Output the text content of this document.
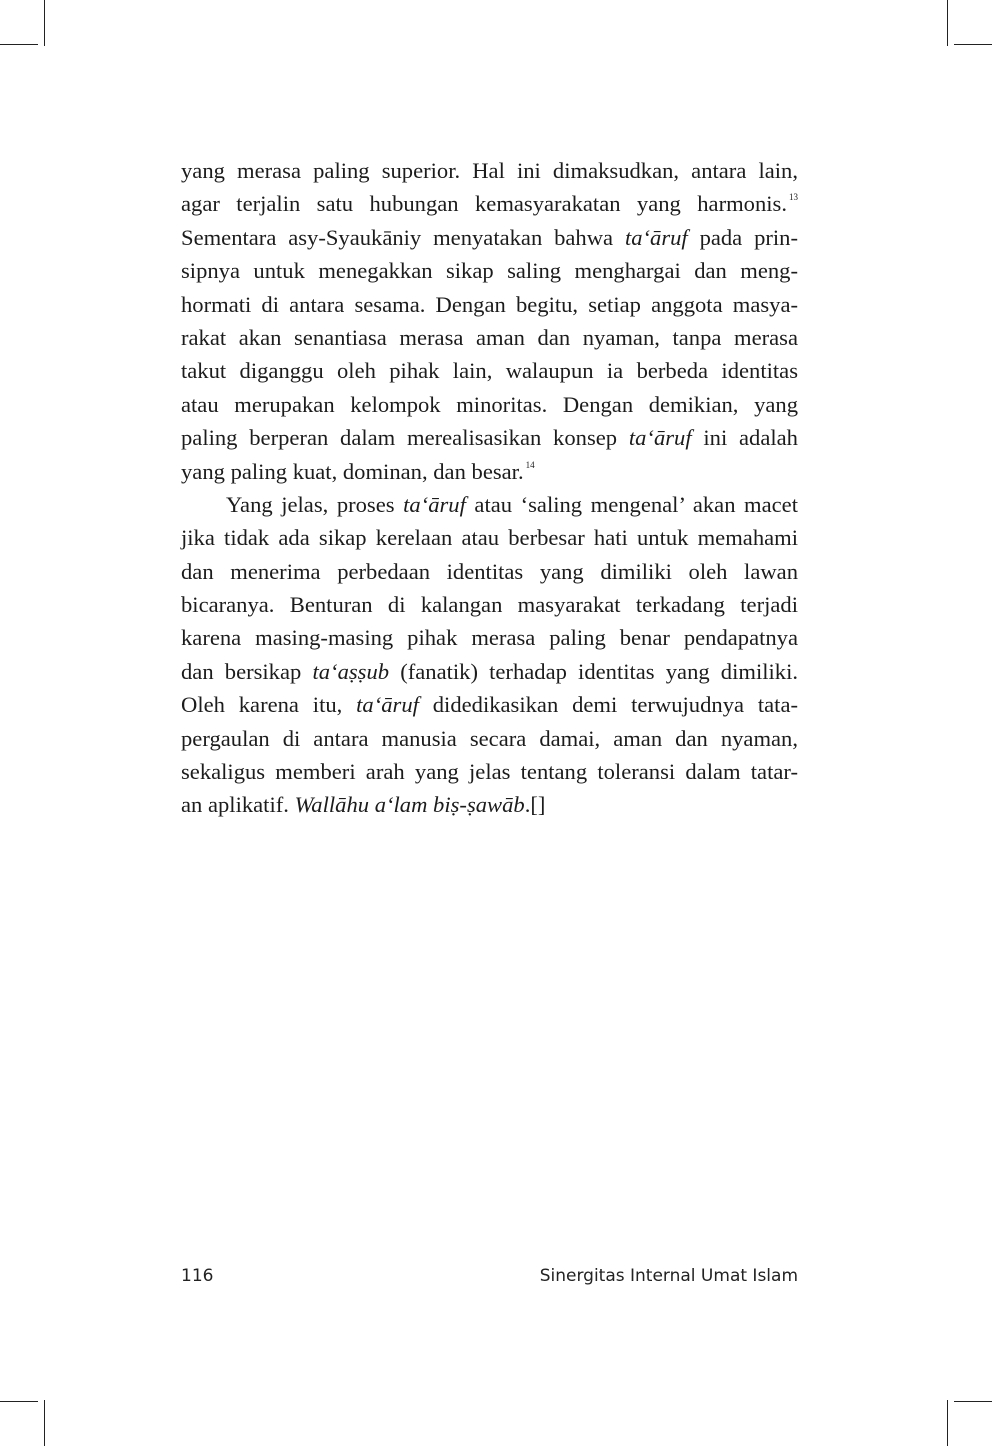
yang merasa paling superior. Hal ini dimaksudkan, antara lain,
agar terjalin satu hubungan kemasyarakatan yang harmonis. $^{13}$
Sementara asy-Syaukāniy menyatakan bahwa ta‘āruf pada prin-
sipnya untuk menegakkan sikap saling menghargai dan meng-
hormati di antara sesama. Dengan begitu, setiap anggota masya-
rakat akan senantiasa merasa aman dan nyaman, tanpa merasa
takut diganggu oleh pihak lain, walaupun ia berbeda identitas
atau merupakan kelompok minoritas. Dengan demikian, yang
paling berperan dalam merealisasikan konsep ta‘āruf ini adalah
yang paling kuat, dominan, dan besar. $^{14}$
Yang jelas, proses ta‘āruf atau ‘saling mengenal’ akan macet
jika tidak ada sikap kerelaan atau berbesar hati untuk memahami
dan menerima perbedaan identitas yang dimiliki oleh lawan
bicaranya. Benturan di kalangan masyarakat terkadang terjadi
karena masing-masing pihak merasa paling benar pendapatnya
dan bersikap ta‘aṣṣub (fanatik) terhadap identitas yang dimiliki.
Oleh karena itu, ta‘āruf didedikasikan demi terwujudnya tata-
pergaulan di antara manusia secara damai, aman dan nyaman,
sekaligus memberi arah yang jelas tentang toleransi dalam tatar-
an aplikatif. Wallāhu a‘lam biṣ-ṣawāb.[]
116	Sinergitas Internal Umat Islam
